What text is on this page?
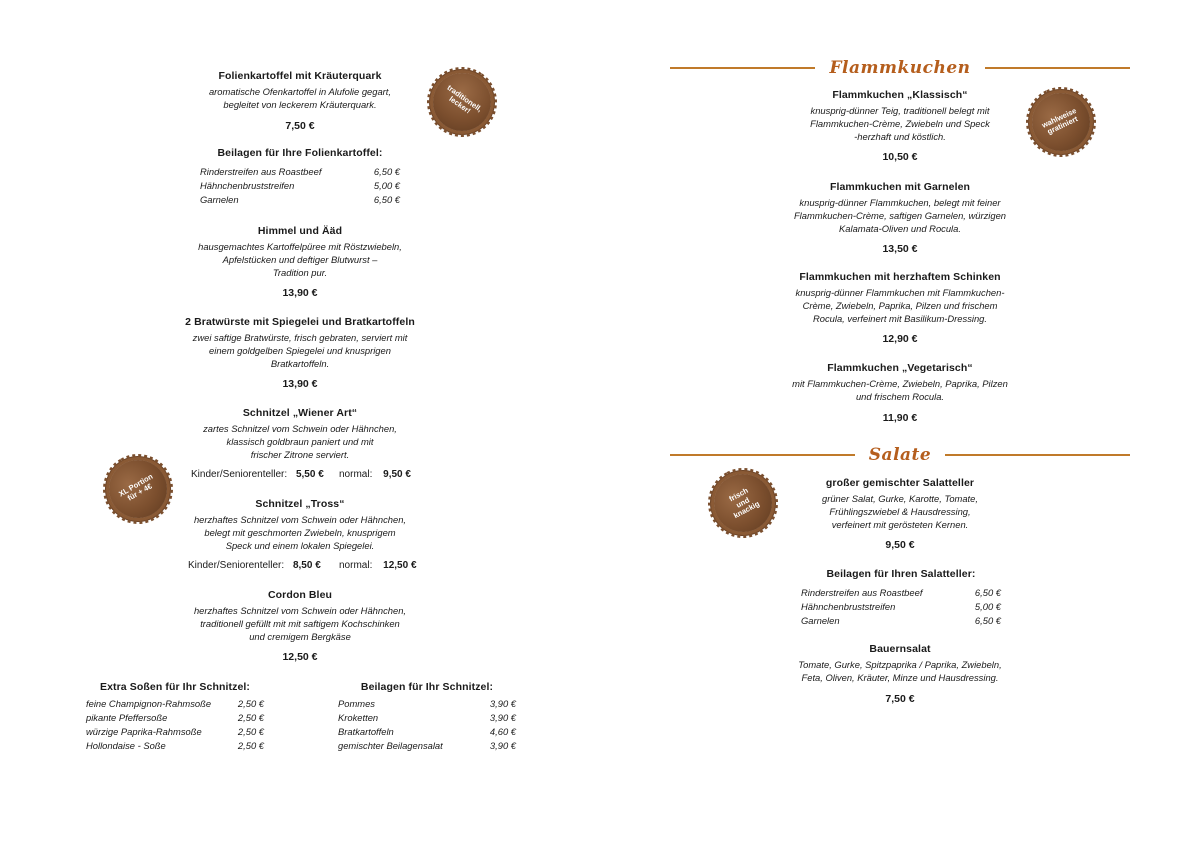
Folienkartoffel mit Kräuterquark
aromatische Ofenkartoffel in Alufolie gegart,
begleitet von leckerem Kräuterquark.
7,50 €
Beilagen für Ihre Folienkartoffel:
Rinderstreifen aus Roastbeef	6,50 €
Hähnchenbruststreifen	5,00 €
Garnelen	6,50 €
Himmel und Ääd
hausgemachtes Kartoffelpüree mit Röstzwiebeln,
Apfelstücken und deftiger Blutwurst –
Tradition pur.
13,90 €
2 Bratwürste mit Spiegelei und Bratkartoffeln
zwei saftige Bratwürste, frisch gebraten, serviert mit
einem goldgelben Spiegelei und knusprigen
Bratkartoffeln.
13,90 €
Schnitzel „Wiener Art“
zartes Schnitzel vom Schwein oder Hähnchen,
klassisch goldbraun paniert und mit
frischer Zitrone serviert.
Kinder/Seniorenteller: 5,50 € normal: 9,50 €
Schnitzel „Tross“
herzhaftes Schnitzel vom Schwein oder Hähnchen,
belegt mit geschmorten Zwiebeln, knusprigem
Speck und einem lokalen Spiegelei.
Kinder/Seniorenteller: 8,50 € normal: 12,50 €
Cordon Bleu
herzhaftes Schnitzel vom Schwein oder Hähnchen,
traditionell gefüllt mit mit saftigem Kochschinken
und cremigem Bergkäse
12,50 €
Extra Soßen für Ihr Schnitzel:
feine Champignon-Rahmsoße	2,50 €
pikante Pfeffersoße	2,50 €
würzige Paprika-Rahmsoße	2,50 €
Hollondaise - Soße	2,50 €
Beilagen für Ihr Schnitzel:
Pommes	3,90 €
Kroketten	3,90 €
Bratkartoffeln	4,60 €
gemischter Beilagensalat	3,90 €
traditionell,
lecker!
XL Portion
für + 4€
Flammkuchen
Flammkuchen „Klassisch“
knusprig-dünner Teig, traditionell belegt mit
Flammkuchen-Crème, Zwiebeln und Speck
-herzhaft und köstlich.
10,50 €
Flammkuchen mit Garnelen
knusprig-dünner Flammkuchen, belegt mit feiner
Flammkuchen-Crème, saftigen Garnelen, würzigen
Kalamata-Oliven und Rocula.
13,50 €
Flammkuchen mit herzhaftem Schinken
knusprig-dünner Flammkuchen mit Flammkuchen-
Crème, Zwiebeln, Paprika, Pilzen und frischem
Rocula, verfeinert mit Basilikum-Dressing.
12,90 €
Flammkuchen „Vegetarisch“
mit Flammkuchen-Crème, Zwiebeln, Paprika, Pilzen
und frischem Rocula.
11,90 €
Salate
großer gemischter Salatteller
grüner Salat, Gurke, Karotte, Tomate,
Frühlingszwiebel & Hausdressing,
verfeinert mit gerösteten Kernen.
9,50 €
Beilagen für Ihren Salatteller:
Rinderstreifen aus Roastbeef	6,50 €
Hähnchenbruststreifen	5,00 €
Garnelen	6,50 €
Bauernsalat
Tomate, Gurke, Spitzpaprika / Paprika, Zwiebeln,
Feta, Oliven, Kräuter, Minze und Hausdressing.
7,50 €
wahlweise
gratiniert
frisch
und
knackig
